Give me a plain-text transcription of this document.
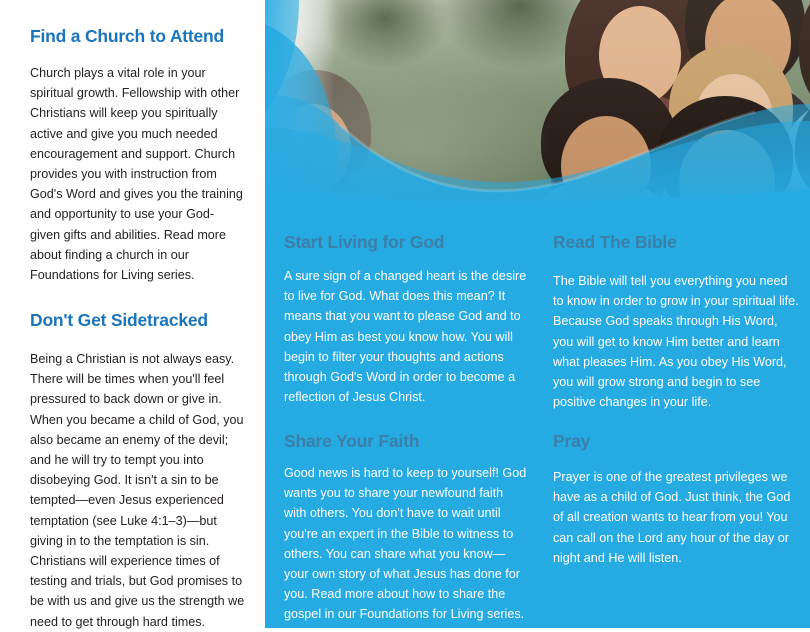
Find a Church to Attend

Church plays a vital role in your spiritual growth. Fellowship with other Christians will keep you spiritually active and give you much needed encouragement and support. Church provides you with instruction from God's Word and gives you the training and opportunity to use your God-given gifts and abilities. Read more about finding a church in our Foundations for Living series.

Don't Get Sidetracked

Being a Christian is not always easy. There will be times when you'll feel pressured to back down or give in. When you became a child of God, you also became an enemy of the devil; and he will try to tempt you into disobeying God. It isn't a sin to be tempted—even Jesus experienced temptation (see Luke 4:1–3)—but giving in to the temptation is sin. Christians will experience times of testing and trials, but God promises to be with us and give us the strength we need to get through hard times.

Start Living for God

A sure sign of a changed heart is the desire to live for God. What does this mean? It means that you want to please God and to obey Him as best you know how. You will begin to filter your thoughts and actions through God's Word in order to become a reflection of Jesus Christ.

Read The Bible

The Bible will tell you everything you need to know in order to grow in your spiritual life. Because God speaks through His Word, you will get to know Him better and learn what pleases Him. As you obey His Word, you will grow strong and begin to see positive changes in your life.

Share Your Faith

Good news is hard to keep to yourself! God wants you to share your newfound faith with others. You don't have to wait until you're an expert in the Bible to witness to others. You can share what you know—your own story of what Jesus has done for you. Read more about how to share the gospel in our Foundations for Living series.

Pray

Prayer is one of the greatest privileges we have as a child of God. Just think, the God of all creation wants to hear from you! You can call on the Lord any hour of the day or night and He will listen.
